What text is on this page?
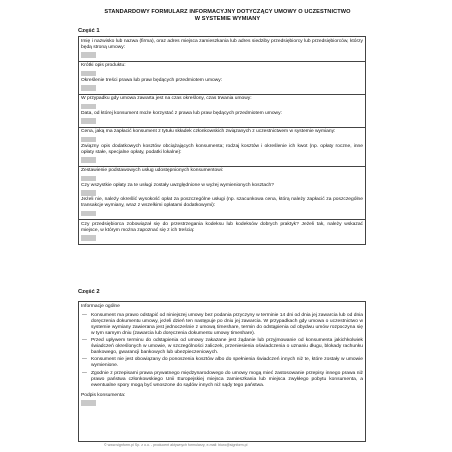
STANDARDOWY FORMULARZ INFORMACYJNY DOTYCZĄCY UMOWY O UCZESTNICTWO
W SYSTEMIE WYMIANY
Część 1

Imię i nazwisko lub nazwa (firma), oraz adres miejsca zamieszkania lub adres siedziby przedsiębiorcy lub przedsiębiorców, którzy będą stroną umowy:

Krótki opis produktu:

Określenie treści prawa lub praw będących przedmiotem umowy:

W przypadku gdy umowa zawarta jest na czas określony, czas trwania umowy:

Data, od której konsument może korzystać z prawa lub praw będących przedmiotem umowy:

Cena, jaką ma zapłacić konsument z tytułu składek członkowskich związanych z uczestnictwem w systemie wymiany:

Związny opis dodatkowych kosztów obciążających konsumenta; rodzaj kosztów i określenie ich kwot (np. opłaty roczne, inne opłaty stałe, specjalne opłaty, podatki lokalne):

Zestawienie podstawowych usług udostępnionych konsumentowi:

Czy wszystkie opłaty za te usługi zostały uwzględnione w wyżej wymienionych kosztach?

Jeżeli nie, należy określić wysokość opłat za poszczególne usługi (np. szacunkowa cena, którą należy zapłacić za poszczególne transakcje wymiany, wraz z wszelkimi opłatami dodatkowymi):

Czy przedsiębiorca zobowiązał się do przestrzegania kodeksu lub kodeksów dobrych praktyk? Jeżeli tak, należy wskazać miejsce, w którym można zapoznać się z ich treścią:

Część 2

Informacje ogólne

— Konsument ma prawo odstąpić od niniejszej umowy bez podania przyczyny w terminie 14 dni od dnia jej zawarcia lub od dnia doręczenia dokumentu umowy, jeżeli dzień ten następuje po dniu jej zawarcia. W przypadkach gdy umowa o uczestnictwo w systemie wymiany zawierana jest jednocześnie z umową timeshare, termin do odstąpienia od obydwu umów rozpoczyna się w tym samym dniu (zawarcia lub doręczenia dokumentu umowy timeshare).
— Przed upływem terminu do odstąpienia od umowy zakazane jest żądanie lub przyjmowanie od konsumenta jakichkolwiek świadczeń określonych w umowie, w szczególności zaliczek, przeniesienia oświadczenia o uznaniu długu, blokady rachunku bankowego, gwarancji bankowych lub ubezpieczeniowych.
— Konsument nie jest obowiązany do ponoszenia kosztów albo do spełnienia świadczeń innych niż te, które zostały w umowie wymienione.
— Zgodnie z przepisami prawa prywatnego międzynarodowego do umowy mogą mieć zastosowanie przepisy innego prawa niż prawo państwa członkowskiego Unii Europejskiej miejsca zamieszkania lub miejsca zwykłego pobytu konsumenta, a ewentualne spory mogą być wnoszone do sądów innych niż sądy tego państwa.

Podpis konsumenta:

© www.signform.pl Sp. z o.o. - producent aktywnych formularzy, e-mail: biuro@signform.pl
